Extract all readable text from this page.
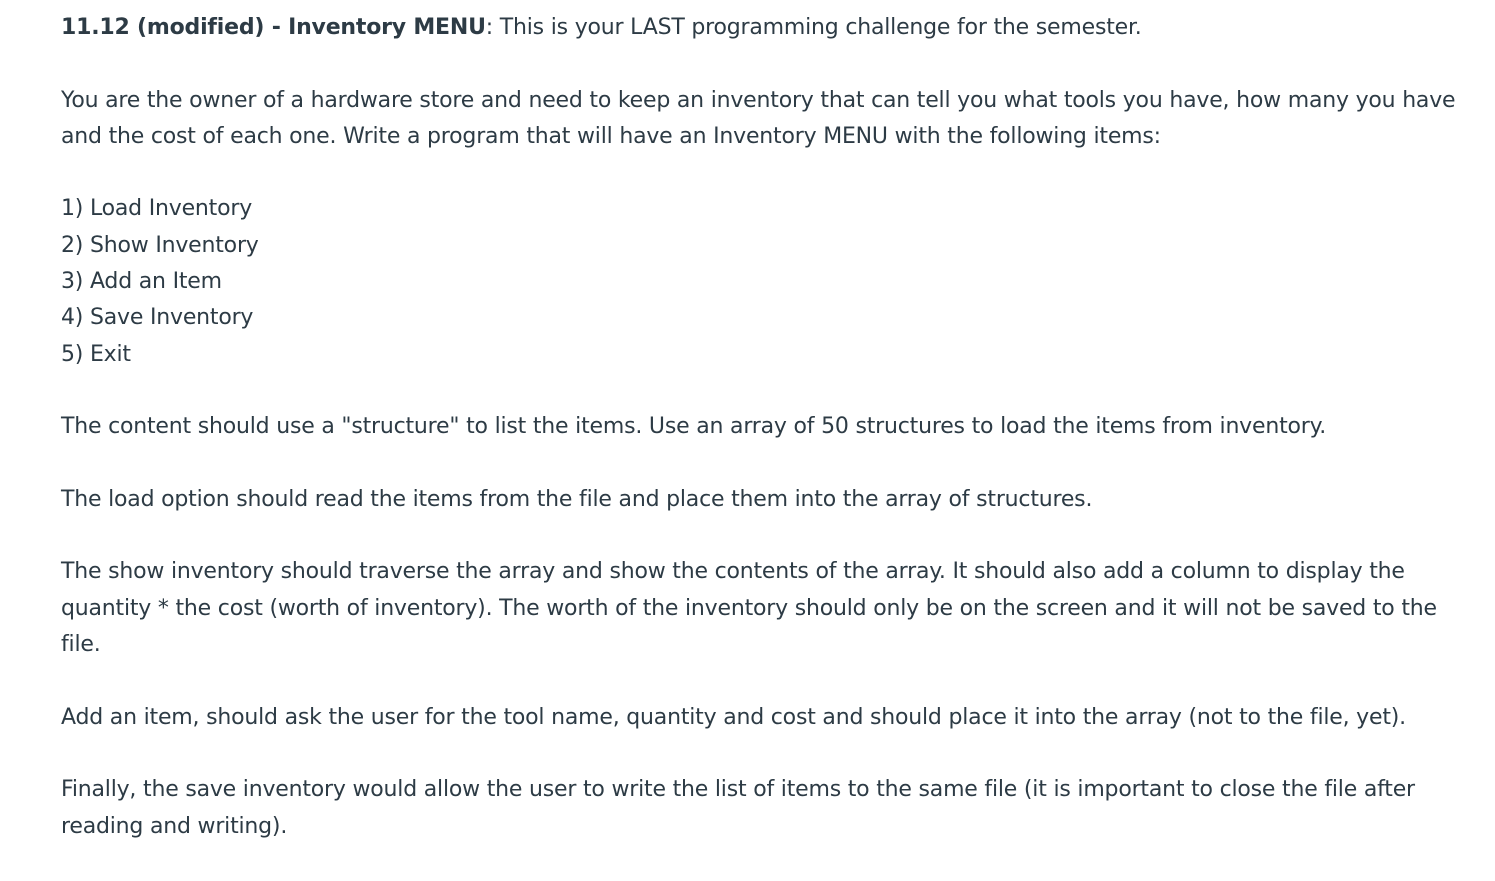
11.12 (modified) - Inventory MENU: This is your LAST programming challenge for the semester.

You are the owner of a hardware store and need to keep an inventory that can tell you what tools you have, how many you have and the cost of each one. Write a program that will have an Inventory MENU with the following items:

1) Load Inventory
2) Show Inventory
3) Add an Item
4) Save Inventory
5) Exit

The content should use a "structure" to list the items. Use an array of 50 structures to load the items from inventory.

The load option should read the items from the file and place them into the array of structures.

The show inventory should traverse the array and show the contents of the array. It should also add a column to display the quantity * the cost (worth of inventory). The worth of the inventory should only be on the screen and it will not be saved to the file.

Add an item, should ask the user for the tool name, quantity and cost and should place it into the array (not to the file, yet).

Finally, the save inventory would allow the user to write the list of items to the same file (it is important to close the file after reading and writing).
